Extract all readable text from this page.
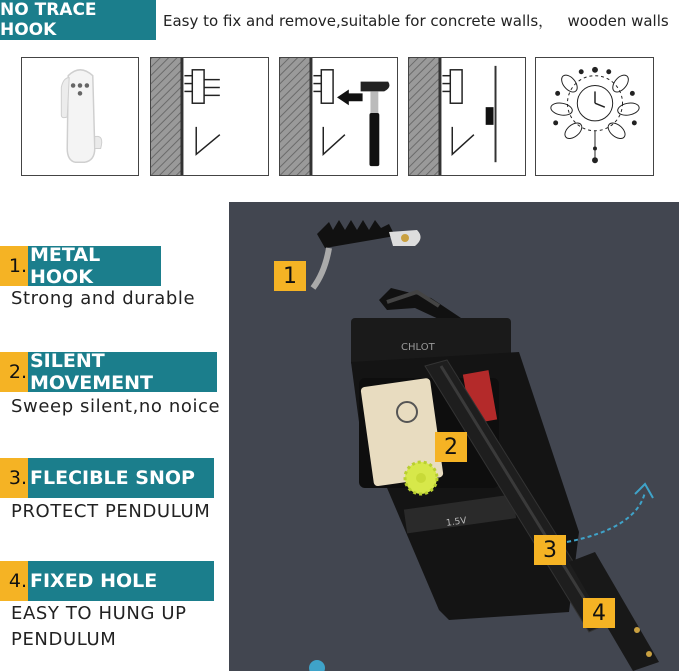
NO TRACE HOOK	Easy to fix and remove,suitable for concrete walls，   wooden walls
1. METAL HOOK
Strong and durable
2. SILENT MOVEMENT
Sweep silent,no noice
3. FLECIBLE SNOP
PROTECT PENDULUM
4. FIXED HOLE
EASY TO HUNG UP
PENDULUM
CHLOT
1.5V
1
2
3
4
